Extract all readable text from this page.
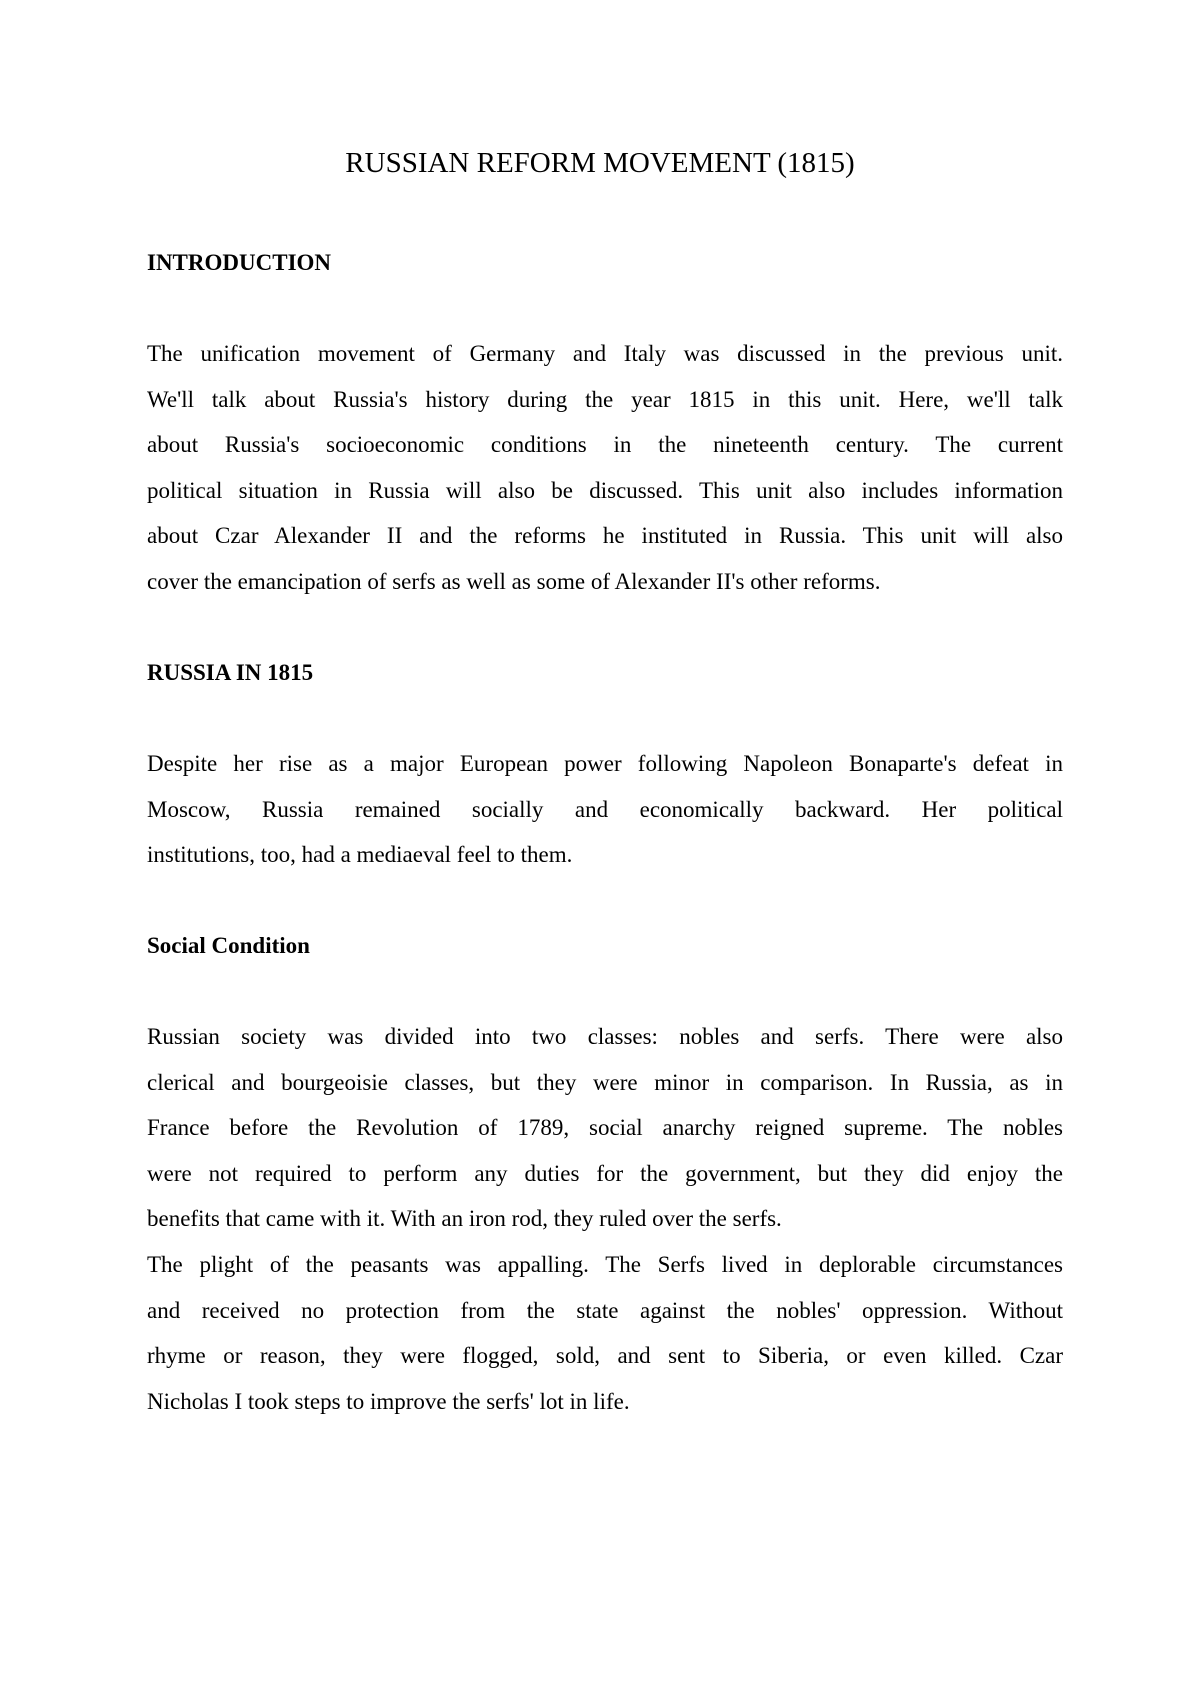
RUSSIAN REFORM MOVEMENT (1815)
INTRODUCTION

The unification movement of Germany and Italy was discussed in the previous unit.
We'll talk about Russia's history during the year 1815 in this unit. Here, we'll talk
about Russia's socioeconomic conditions in the nineteenth century. The current
political situation in Russia will also be discussed. This unit also includes information
about Czar Alexander II and the reforms he instituted in Russia. This unit will also
cover the emancipation of serfs as well as some of Alexander II's other reforms.

RUSSIA IN 1815

Despite her rise as a major European power following Napoleon Bonaparte's defeat in
Moscow, Russia remained socially and economically backward. Her political
institutions, too, had a mediaeval feel to them.

Social Condition

Russian society was divided into two classes: nobles and serfs. There were also
clerical and bourgeoisie classes, but they were minor in comparison. In Russia, as in
France before the Revolution of 1789, social anarchy reigned supreme. The nobles
were not required to perform any duties for the government, but they did enjoy the
benefits that came with it. With an iron rod, they ruled over the serfs.

The plight of the peasants was appalling. The Serfs lived in deplorable circumstances
and received no protection from the state against the nobles' oppression. Without
rhyme or reason, they were flogged, sold, and sent to Siberia, or even killed. Czar
Nicholas I took steps to improve the serfs' lot in life.
